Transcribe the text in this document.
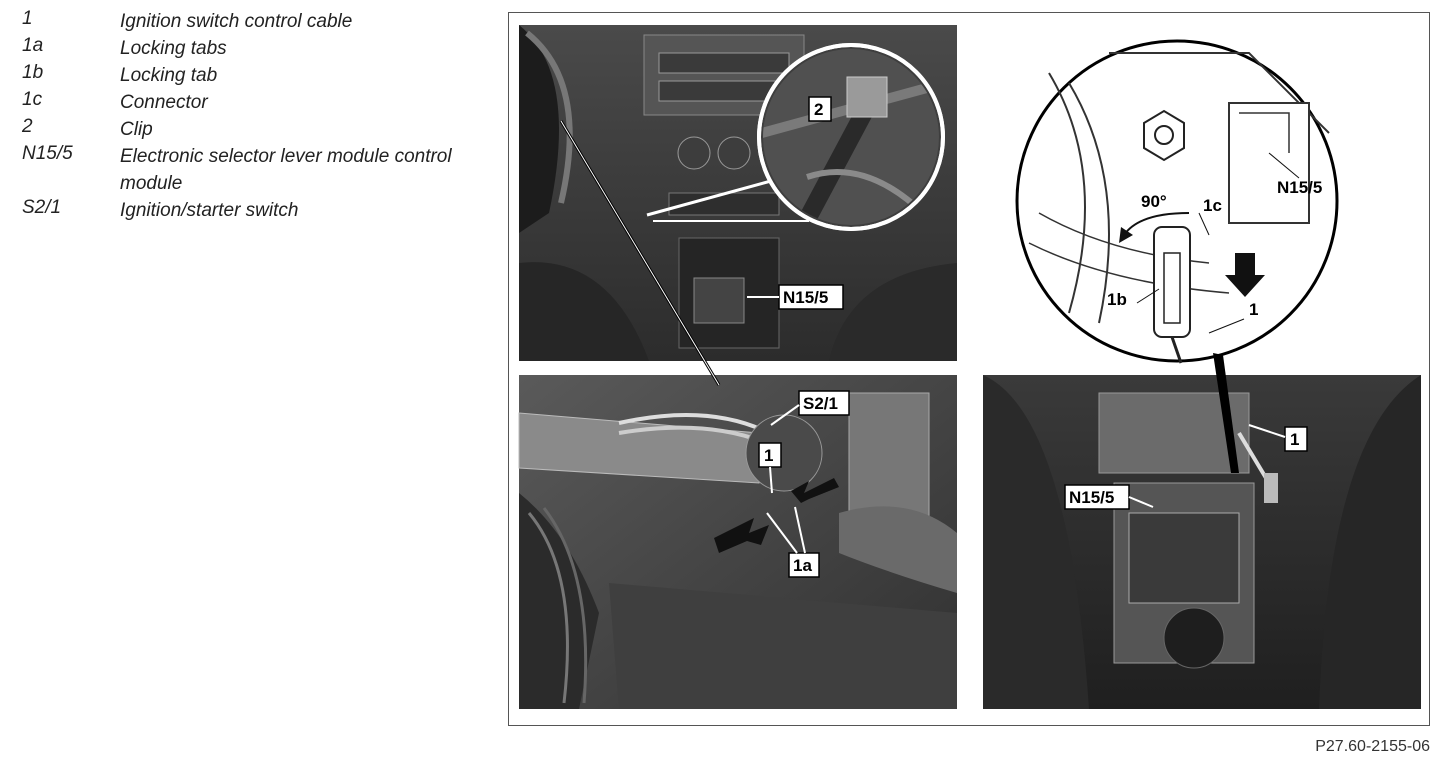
1	Ignition switch control cable
1a	Locking tabs
1b	Locking tab
1c	Connector
2	Clip
N15/5 Electronic selector lever module control module
S2/1	Ignition/starter switch
2
N15/5
S2/1
1
1a
90° 1c
N15/5
1b
1
1
N15/5
P27.60-2155-06
